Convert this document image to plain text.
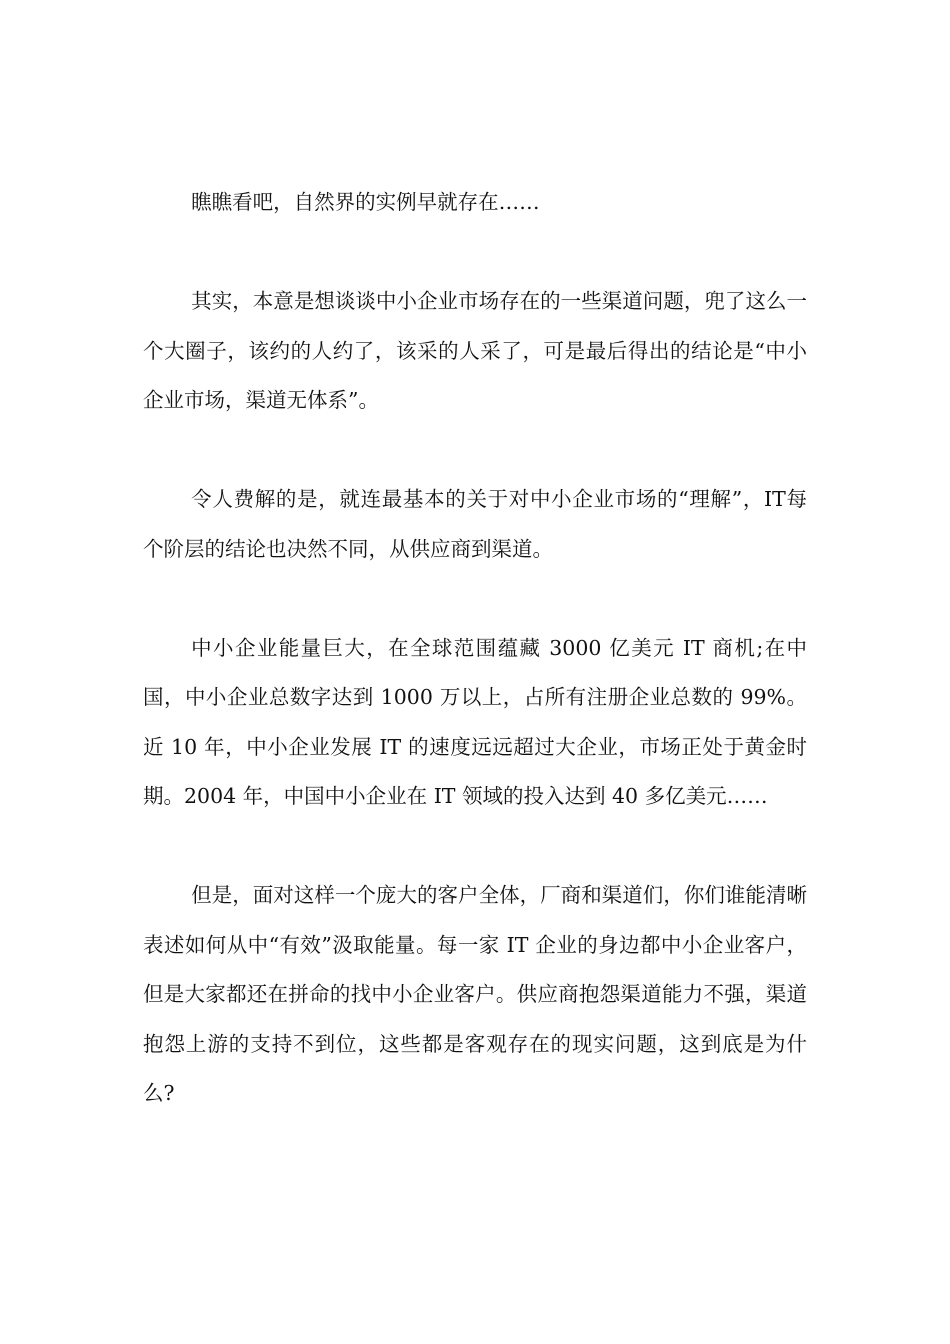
瞧瞧看吧，自然界的实例早就存在……

其实，本意是想谈谈中小企业市场存在的一些渠道问题，兜了这么一个大圈子，该约的人约了，该采的人采了，可是最后得出的结论是“中小企业市场，渠道无体系”。

令人费解的是，就连最基本的关于对中小企业市场的“理解”，IT每个阶层的结论也决然不同，从供应商到渠道。

中小企业能量巨大，在全球范围蕴藏 3000 亿美元 IT 商机;在中国，中小企业总数字达到 1000 万以上，占所有注册企业总数的 99%。近 10 年，中小企业发展 IT 的速度远远超过大企业，市场正处于黄金时期。2004 年，中国中小企业在 IT 领域的投入达到 40 多亿美元……

但是，面对这样一个庞大的客户全体，厂商和渠道们，你们谁能清晰表述如何从中“有效”汲取能量。每一家 IT 企业的身边都中小企业客户，但是大家都还在拼命的找中小企业客户。供应商抱怨渠道能力不强，渠道抱怨上游的支持不到位，这些都是客观存在的现实问题，这到底是为什么?
